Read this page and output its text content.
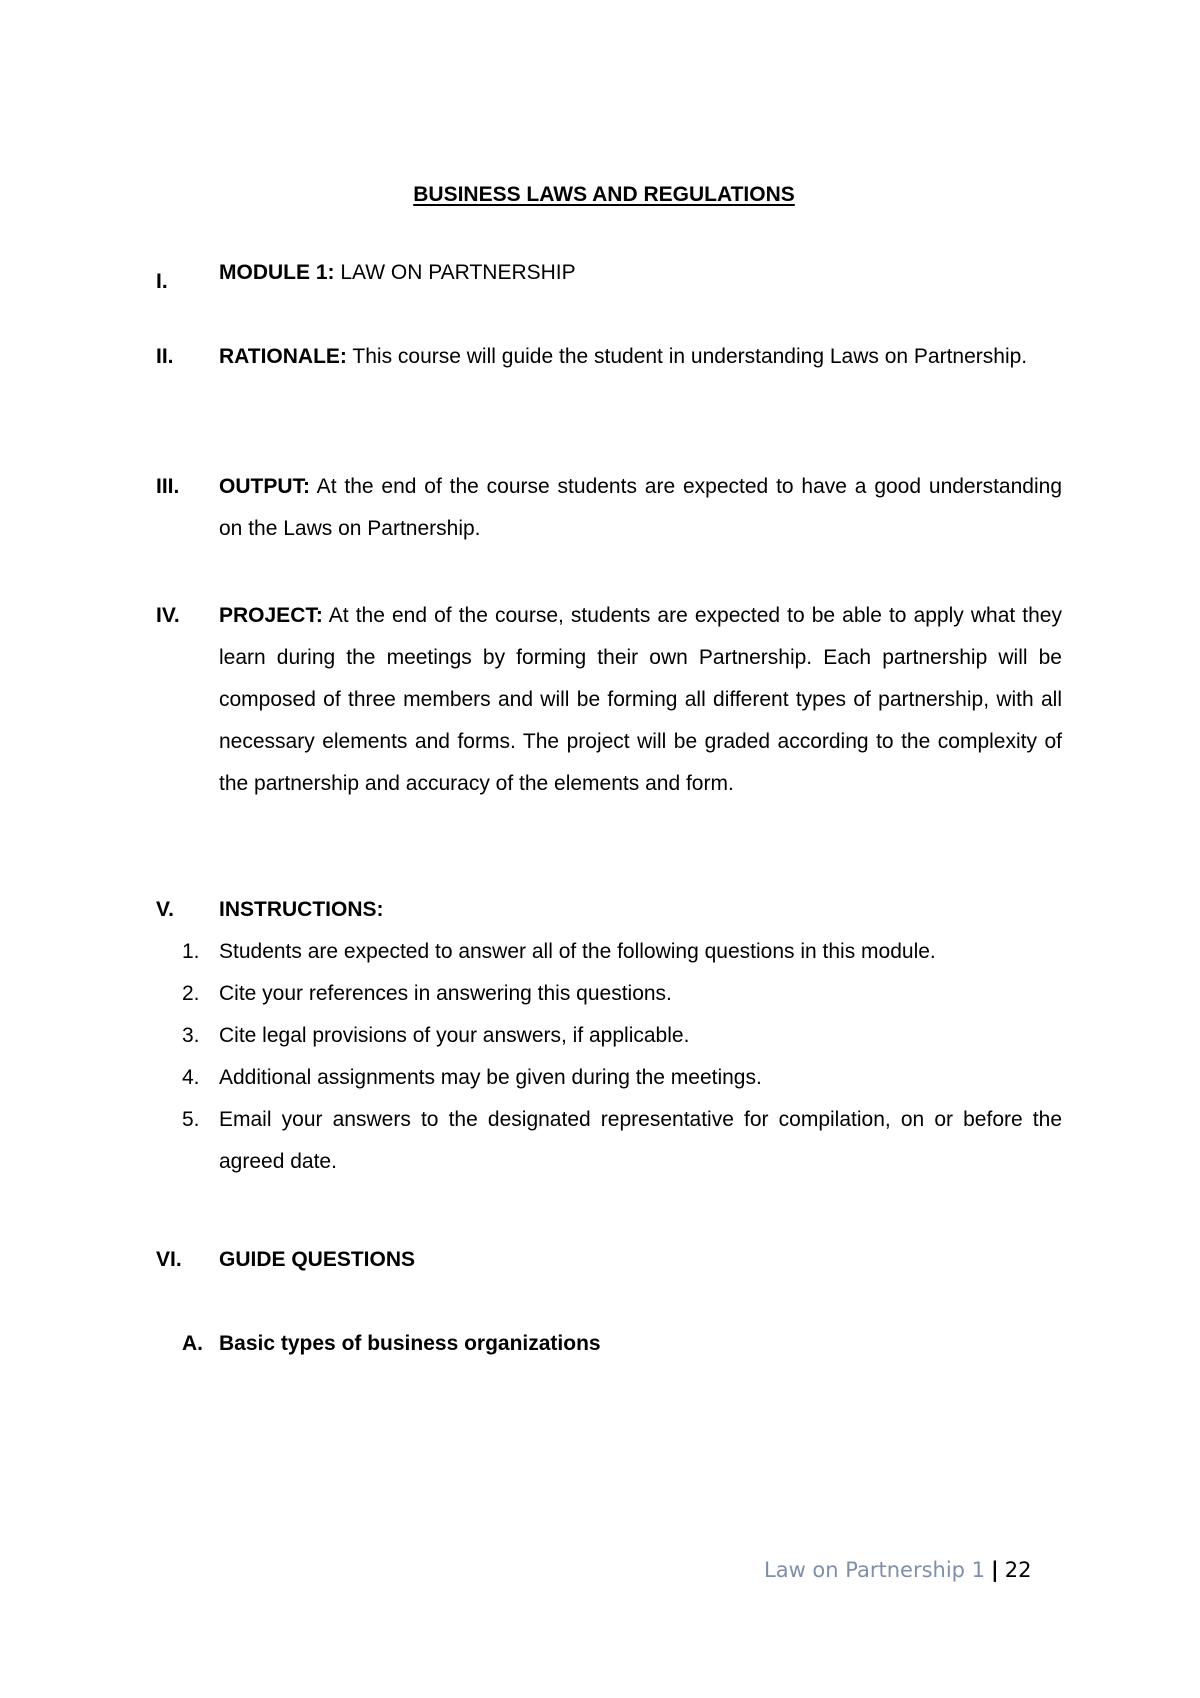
BUSINESS LAWS AND REGULATIONS
I. MODULE 1: LAW ON PARTNERSHIP
II. RATIONALE: This course will guide the student in understanding Laws on Partnership.
III. OUTPUT: At the end of the course students are expected to have a good understanding on the Laws on Partnership.
IV. PROJECT: At the end of the course, students are expected to be able to apply what they learn during the meetings by forming their own Partnership. Each partnership will be composed of three members and will be forming all different types of partnership, with all necessary elements and forms. The project will be graded according to the complexity of the partnership and accuracy of the elements and form.
V. INSTRUCTIONS:
1. Students are expected to answer all of the following questions in this module.
2. Cite your references in answering this questions.
3. Cite legal provisions of your answers, if applicable.
4. Additional assignments may be given during the meetings.
5. Email your answers to the designated representative for compilation, on or before the agreed date.
VI. GUIDE QUESTIONS
A. Basic types of business organizations
Law on Partnership 1 | 22
